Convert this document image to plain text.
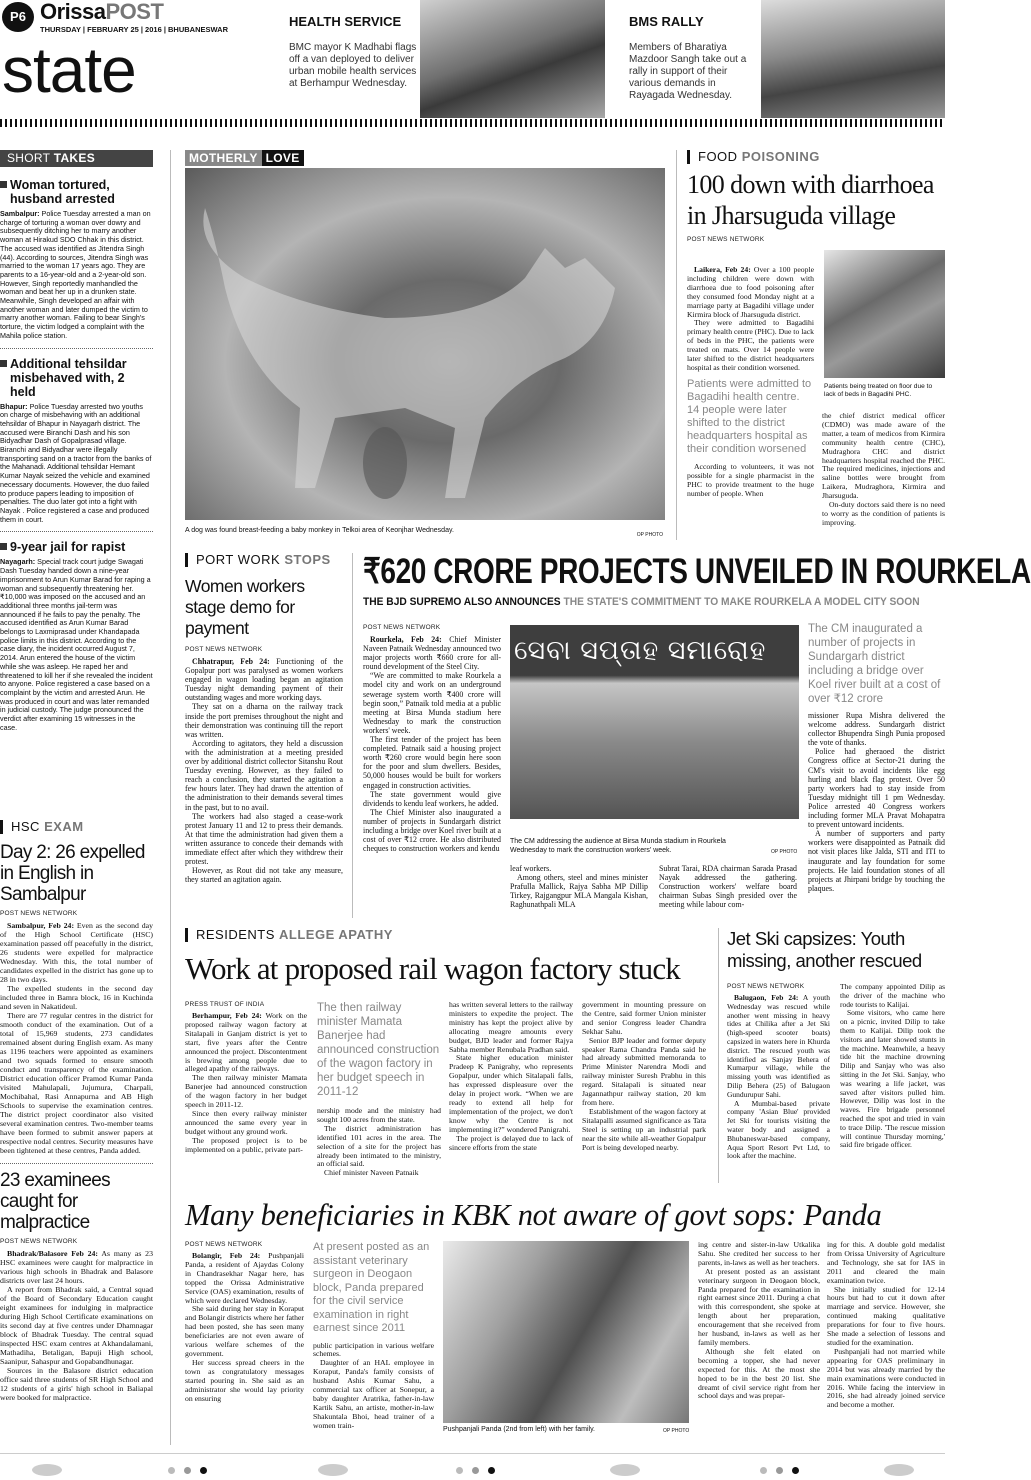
P6 OrissaPOST
THURSDAY | FEBRUARY 25 | 2016 | BHUBANESWAR
state
HEALTH SERVICE
BMC mayor K Madhabi flags off a van deployed to deliver urban mobile health services at Berhampur Wednesday.
BMS RALLY
Members of Bharatiya Mazdoor Sangh take out a rally in support of their various demands in Rayagada Wednesday.
SHORT TAKES
Woman tortured, husband arrested
Sambalpur: Police Tuesday arrested a man on charge of torturing a woman over dowry and subsequently ditching her to marry another woman at Hirakud SDO Chhak in this district. The accused was identified as Jitendra Singh (44). According to sources, Jitendra Singh was married to the woman 17 years ago. They are parents to a 16-year-old and a 2-year-old son. However, Singh reportedly manhandled the woman and beat her up in a drunken state. Meanwhile, Singh developed an affair with another woman and later dumped the victim to marry another woman. Failing to bear Singh's torture, the victim lodged a complaint with the Mahila police station.
Additional tehsildar misbehaved with, 2 held
Bhapur: Police Tuesday arrested two youths on charge of misbehaving with an additional tehsildar of Bhapur in Nayagarh district. The accused were Biranchi Dash and his son Bidyadhar Dash of Gopalprasad village. Biranchi and Bidyadhar were illegally transporting sand on a tractor from the banks of the Mahanadi. Additional tehsildar Hemant Kumar Nayak seized the vehicle and examined necessary documents. However, the duo failed to produce papers leading to imposition of penalties. The duo later got into a fight with Nayak . Police registered a case and produced them in court.
9-year jail for rapist
Nayagarh: Special track court judge Swagati Dash Tuesday handed down a nine-year imprisonment to Arun Kumar Barad for raping a woman and subsequently threatening her. ₹10,000 was imposed on the accused and an additional three months jail-term was announced if he fails to pay the penalty. The accused identified as Arun Kumar Barad belongs to Laxmiprasad under Khandapada police limits in this district. According to the case diary, the incident occurred August 7, 2014. Arun entered the house of the victim while she was asleep. He raped her and threatened to kill her if she revealed the incident to anyone. Police registered a case based on a complaint by the victim and arrested Arun. He was produced in court and was later remanded in judicial custody. The judge pronounced the verdict after examining 15 witnesses in the case.
HSC EXAM
Day 2: 26 expelled in English in Sambalpur
POST NEWS NETWORK

Sambalpur, Feb 24: Even as the second day of the High School Certificate (HSC) examination passed off peacefully in the district, 26 students were expelled for malpractice Wednesday. With this, the total number of candidates expelled in the district has gone up to 28 in two days.

The expelled students in the second day included three in Bamra block, 16 in Kuchinda and seven in Nakatideul.

There are 77 regular centres in the district for smooth conduct of the examination. Out of a total of 15,969 students, 273 candidates remained absent during English exam. As many as 1196 teachers were appointed as examiners and two squads formed to ensure smooth conduct and transparency of the examination. District education officer Pramod Kumar Panda visited Mahulapali, Jujumura, Charpali, Mochibahal, Rasi Annapurna and AB High Schools to supervise the examination centres. The district project coordinator also visited several examination centres. Two-member teams have been formed to submit answer papers at respective nodal centres. Security measures have been tightened at these centres, Panda added.

23 examinees caught for malpractice
POST NEWS NETWORK

Bhadrak/Balasore Feb 24: As many as 23 HSC examinees were caught for malpractice in various high schools in Bhadrak and Balasore districts over last 24 hours.

A report from Bhadrak said, a Central squad of the Board of Secondary Education caught eight examinees for indulging in malpractice during High School Certificate examinations on its second day at five centres under Dhamnagar block of Bhadrak Tuesday. The central squad inspected HSC exam centres at Akhandalamani, Mathadiha, Betaligan, Bapuji High school, Saanipur, Sahaspur and Gopabandhunagar.

Sources in the Balasore district education office said three students of SR High School and 12 students of a girls' high school in Baliapal were booked for malpractice.

MOTHERLY LOVE
A dog was found breast-feeding a baby monkey in Telkoi area of Keonjhar Wednesday.
OP PHOTO
FOOD POISONING
100 down with diarrhoea in Jharsuguda village
POST NEWS NETWORK

Laikera, Feb 24: Over a 100 people including children were down with diarrhoea due to food poisoning after they consumed food Monday night at a marriage party at Bagadihi village under Kirmira block of Jharsuguda district.

They were admitted to Bagadihi primary health centre (PHC). Due to lack of beds in the PHC, the patients were treated on mats. Over 14 people were later shifted to the district headquarters hospital as their condition worsened.

Patients were admitted to Bagadihi health centre. 14 people were later shifted to the district headquarters hospital as their condition worsened

According to volunteers, it was not possible for a single pharmacist in the PHC to provide treatment to the huge number of people. When

Patients being treated on floor due to lack of beds in Bagadihi PHC.

the chief district medical officer (CDMO) was made aware of the matter, a team of medicos from Kirmira community health centre (CHC), Mudraghora CHC and district headquarters hospital reached the PHC. The required medicines, injections and saline bottles were brought from Laikera, Mudraghora, Kirmira and Jharsuguda.

On-duty doctors said there is no need to worry as the condition of patients is improving.

PORT WORK STOPS
Women workers stage demo for payment
POST NEWS NETWORK

Chhatrapur, Feb 24: Functioning of the Gopalpur port was paralysed as women workers engaged in wagon loading began an agitation Tuesday night demanding payment of their outstanding wages and more working days.

They sat on a dharna on the railway track inside the port premises throughout the night and their demonstration was continuing till the report was written.

According to agitators, they held a discussion with the administration at a meeting presided over by additional district collector Sitanshu Rout Tuesday evening. However, as they failed to reach a conclusion, they started the agitation a few hours later. They had drawn the attention of the administration to their demands several times in the past, but to no avail.

The workers had also staged a cease-work protest January 11 and 12 to press their demands. At that time the administration had given them a written assurance to concede their demands with immediate effect after which they withdrew their protest.

However, as Rout did not take any measure, they started an agitation again.

₹620 CRORE PROJECTS UNVEILED IN ROURKELA
THE BJD SUPREMO ALSO ANNOUNCES THE STATE'S COMMITMENT TO MAKE ROURKELA A MODEL CITY SOON
POST NEWS NETWORK

Rourkela, Feb 24: Chief Minister Naveen Patnaik Wednesday announced two major projects worth ₹660 crore for all-round development of the Steel City.

“We are committed to make Rourkela a model city and work on an underground sewerage system worth ₹400 crore will begin soon,” Patnaik told media at a public meeting at Birsa Munda stadium here Wednesday to mark the construction workers' week.

The first tender of the project has been completed. Patnaik said a housing project worth ₹260 crore would begin here soon for the poor and slum dwellers. Besides, 50,000 houses would be built for workers engaged in construction activities.

The state government would give dividends to kendu leaf workers, he added.

The Chief Minister also inaugurated a number of projects in Sundargarh district including a bridge over Koel river built at a cost of over ₹12 crore. He also distributed cheques to construction workers and kendu

ସେବା ସପ୍ତାହ ସମାରୋହ
The CM addressing the audience at Birsa Munda stadium in Rourkela Wednesday to mark the construction workers' week.	OP PHOTO

leaf workers.

Among others, steel and mines minister Prafulla Mallick, Rajya Sabha MP Dillip Tirkey, Rajgangpur MLA Mangala Kishan, Raghunathpali MLA

Subrat Tarai, RDA chairman Sarada Prasad Nayak addressed the gathering. Construction workers' welfare board chairman Subas Singh presided over the meeting while labour com-

The CM inaugurated a number of projects in Sundargarh district including a bridge over Koel river built at a cost of over ₹12 crore

missioner Rupa Mishra delivered the welcome address. Sundargarh district collector Bhupendra Singh Punia proposed the vote of thanks.

Police had gheraoed the district Congress office at Sector-21 during the CM's visit to avoid incidents like egg hurling and black flag protest. Over 50 party workers had to stay inside from Tuesday midnight till 1 pm Wednesday. Police arrested 40 Congress workers including former MLA Pravat Mohapatra to prevent untoward incidents.

A number of supporters and party workers were disappointed as Patnaik did not visit places like Jalda, STI and ITI to inaugurate and lay foundation for some projects. He laid foundation stones of all projects at Jhirpani bridge by touching the plaques.

RESIDENTS ALLEGE APATHY
Work at proposed rail wagon factory stuck
PRESS TRUST OF INDIA

Berhampur, Feb 24: Work on the proposed railway wagon factory at Sitalapali in Ganjam district is yet to start, five years after the Centre announced the project. Discontentment is brewing among people due to alleged apathy of the railways.

The then railway minister Mamata Banerjee had announced construction of the wagon factory in her budget speech in 2011-12.

Since then every railway minister announced the same every year in budget without any ground work.

The proposed project is to be implemented on a public, private part-

The then railway minister Mamata Banerjee had announced construction of the wagon factory in her budget speech in 2011-12

nership mode and the ministry had sought 100 acres from the state.

The district administration has identified 101 acres in the area. The selection of a site for the project has already been intimated to the ministry, an official said.

Chief minister Naveen Patnaik

has written several letters to the railway ministers to expedite the project. The ministry has kept the project alive by allocating meagre amounts every budget, BJD leader and former Rajya Sabha member Renubala Pradhan said.

State higher education minister Pradeep K Panigrahy, who represents Gopalpur, under which Sitalapali falls, has expressed displeasure over the delay in project work. “When we are ready to extend all help for implementation of the project, we don't know why the Centre is not implementing it?” wondered Panigrahi.

The project is delayed due to lack of sincere efforts from the state

government in mounting pressure on the Centre, said former Union minister and senior Congress leader Chandra Sekhar Sahu.

Senior BJP leader and former deputy speaker Rama Chandra Panda said he had already submitted memoranda to Prime Minister Narendra Modi and railway minister Suresh Prabhu in this regard. Sitalapali is situated near Jagannathpur railway station, 20 km from here.

Establishment of the wagon factory at Sitalapalli assumed significance as Tata Steel is setting up an industrial park near the site while all-weather Gopalpur Port is being developed nearby.

Jet Ski capsizes: Youth missing, another rescued
POST NEWS NETWORK

Balugaon, Feb 24: A youth Wednesday was rescued while another went missing in heavy tides at Chilika after a Jet Ski (high-speed scooter boats) capsized in waters here in Khurda district. The rescued youth was identified as Sanjay Behera of Kumarpur village, while the missing youth was identified as Dilip Behera (25) of Balugaon Gundurupur Sahi.

A Mumbai-based private company 'Asian Blue' provided Jet Ski for tourists visiting the water body and assigned a Bhubaneswar-based company, Aqua Sport Resort Pvt Ltd, to look after the machine.

The company appointed Dilip as the driver of the machine who rode tourists to Kalijai.

Some visitors, who came here on a picnic, invited Dilip to take them to Kalijai. Dilip took the visitors and later showed stunts in the machine. Meanwhile, a heavy tide hit the machine drowning Dilip and Sanjay who was also sitting in the Jet Ski. Sanjay, who was wearing a life jacket, was saved after visitors pulled him. However, Dilip was lost in the waves. Fire brigade personnel reached the spot and tried in vain to trace Dilip. 'The rescue mission will continue Thursday morning,' said fire brigade officer.

Many beneficiaries in KBK not aware of govt sops: Panda
POST NEWS NETWORK

Bolangir, Feb 24: Pushpanjali Panda, a resident of Ajaydas Colony in Chandrasekhar Nagar here, has topped the Orissa Administrative Service (OAS) examination, results of which were declared Wednesday.

She said during her stay in Koraput and Bolangir districts where her father had been posted, she has seen many beneficiaries are not even aware of various welfare schemes of the government.

Her success spread cheers in the town as congratulatory messages started pouring in. She said as an administrator she would lay priority on ensuring

At present posted as an assistant veterinary surgeon in Deogaon block, Panda prepared for the civil service examination in right earnest since 2011

public participation in various welfare schemes.

Daughter of an HAL employee in Koraput, Panda's family consists of husband Ashis Kumar Sahu, a commercial tax officer at Sonepur, a baby daughter Aratrika, father-in-law Kartik Sahu, an artiste, mother-in-law Shakuntala Bhoi, head trainer of a women train-	Pushpanjali Panda (2nd from left) with her family.	OP PHOTO

ing centre and sister-in-law Utkalika Sahu. She credited her success to her parents, in-laws as well as her teachers.

At present posted as an assistant veterinary surgeon in Deogaon block, Panda prepared for the examination in right earnest since 2011. During a chat with this correspondent, she spoke at length about her preparation, encouragement that she received from her husband, in-laws as well as her family members.

Although she felt elated on becoming a topper, she had never expected for this. At the most she hoped to be in the best 20 list. She dreamt of civil service right from her school days and was prepar-

ing for this. A double gold medalist from Orissa University of Agriculture and Technology, she sat for IAS in 2011 and cleared the main examination twice.

She initially studied for 12-14 hours but had to cut it down after marriage and service. However, she continued making qualitative preparations for four to five hours. She made a selection of lessons and studied for the examination.

Pushpanjali had not married while appearing for OAS preliminary in 2014 but was already married by the main examinations were conducted in 2016. While facing the interview in 2016, she had already joined service and become a mother.
